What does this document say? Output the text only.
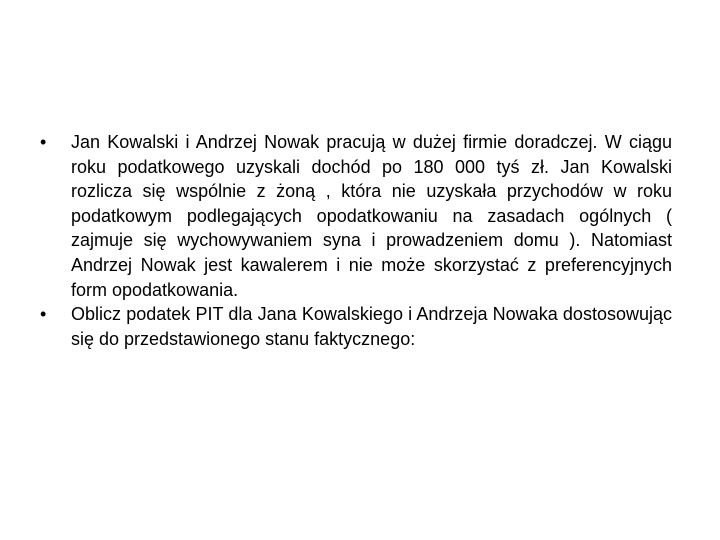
•	Jan Kowalski i Andrzej Nowak pracują w dużej firmie doradczej. W ciągu roku podatkowego uzyskali dochód po 180 000 tyś zł. Jan Kowalski rozlicza się wspólnie z żoną , która nie uzyskała przychodów w roku podatkowym podlegających opodatkowaniu na zasadach ogólnych ( zajmuje się wychowywaniem syna i prowadzeniem domu ). Natomiast Andrzej Nowak jest kawalerem i nie może skorzystać z preferencyjnych form opodatkowania.
•	Oblicz podatek PIT dla Jana Kowalskiego i Andrzeja Nowaka dostosowując się do przedstawionego stanu faktycznego:
